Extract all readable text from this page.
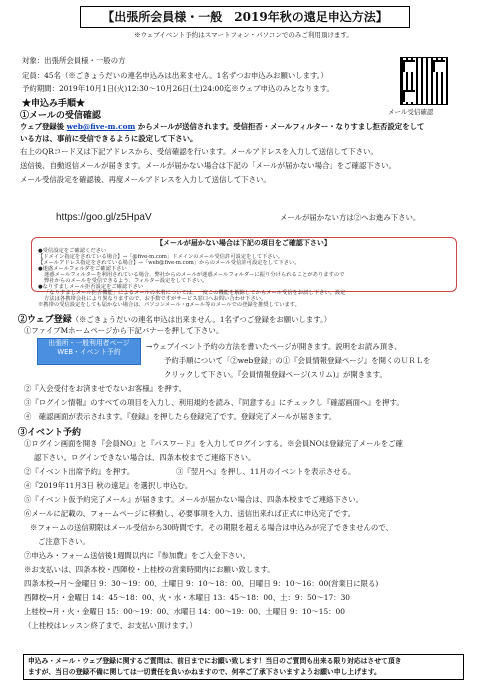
【出張所会員様・一般　2019年秋の遠足申込方法】
※ウェブイベント予約はスマートフォン・パソコンでのみご利用頂けます。
対象：出張所会員様・一般の方
定員：45名（※ごきょうだいの連名申込みは出来ません。1名ずつお申込みお願いします。）
予約期間：2019年10月1日(火)12:30～10月26日(土)24:00迄※ウェブ申込のみとなります。
★申込み手順★
メール受信確認
①メールの受信確認
ウェブ登録後 web@five-m.com からメールが送信されます。受信拒否・メールフィルター・なりすまし拒否設定をして
いる方は、事前に受信できるように設定して下さい。
右上のQRコード又は下記アドレスから、受信確認を行います。メールアドレスを入力して送信して下さい。
送信後、自動返信メールが届きます。メールが届かない場合は下記の「メールが届かない場合」をご確認下さい。
メール受信設定を確認後、再度メールアドレスを入力して送信して下さい。
https://goo.gl/z5HpaV	メールが届かない方は②へお進み下さい。
【メールが届かない場合は下記の項目をご確認下さい】
●受信設定をご確認ください
【ドメイン指定をされている場合】→「@five-m.com」ドメインのメール受信許可設定をして下さい。
【メールアドレス指定をされている場合】→「web@five-m.com」からのメール受信許可設定をして下さい。
●迷惑メールフォルダをご確認下さい
迷惑メールフィルターを利用されている場合、弊社からのメールが迷惑メールフォルダーに振り分けられることがありますので
弊社からのメールを受信できるよう、フィルター設定をして下さい。
●なりすましメール拒否設定をご確認下さい
「なりすましメール拒否機能」によるメールの未着については、一度この機能を解除してからメール受信をお試し下さい。設定
方法は各携帯会社により異なりますので、お手数ですがサービス窓口へお問い合わせ下さい。
※携帯の受信設定をしても届かない場合は、パソコンメール・gメール等のメールでの登録を推奨しています。
②ウェブ登録（※ごきょうだいの連名申込は出来ません。1名ずつご登録をお願いします。）
①ファイブMホームページから下記バナーを押して下さい。
出張所・一般利用者ページ
WEB・イベント予約
→ウェブイベント予約の方法を書いたページが開きます。説明をお読み頂き、
予約手順について「②web登録」の①『会員情報登録ページ』を開くのＵＲＬを
クリックして下さい。『会員情報登録ページ(スリム)』が開きます。
②『入会受付をお済ませでないお客様』を押す。
③『ログイン情報』のすべての項目を入力し、利用規約を読み、『同意する』にチェックし『確認画面へ』を押す。
④　確認画面が表示されます。『登録』を押したら登録完了です。登録完了メールが届きます。
③イベント予約
①ログイン画面を開き『会員NO』と『パスワード』を入力してログインする。※会員NOは登録完了メールをご確
認下さい。ログインできない場合は、四条本校までご連絡下さい。
②『イベント出席予約』を押す。	③『翌月へ』を押し、11月のイベントを表示させる。
④『2019年11月3日 秋の遠足』を選択し申込む。
⑤『イベント仮予約完了メール』が届きます。メールが届かない場合は、四条本校までご連絡下さい。
⑥メールに記載の、フォームページに移動し、必要事項を入力、送信出来れば正式に申込完了です。
※フォームの送信期限はメール受信から30時間です。その期限を超える場合は申込みが完了できませんので、
ご注意下さい。
⑦申込み・フォーム送信後1週間以内に『参加費』をご入金下さい。
※お支払いは、四条本校・西陣校・上桂校の営業時間内にお願い致します。
四条本校→月～金曜日 9：30～19：00、土曜日 9：10～18：00、日曜日 9：10～16：00(営業日に限る)
西陣校→月・金曜日 14：45～18：00、火・水・木曜日 13：45～18：00、土：9：50～17：30
上桂校→月・火・金曜日 15：00～19：00、水曜日 14：00～19：00、土曜日 9：10～15：00
（上桂校はレッスン終了まで、お支払い頂けます。）
申込み・メール・ウェブ登録に関するご質問は、前日までにお願い致します！当日のご質問も出来る限り対応はさせて頂き
ますが、当日の登録不備に関しては一切責任を負いかねますので、何卒ご了承下さいますようお願い申し上げます。
